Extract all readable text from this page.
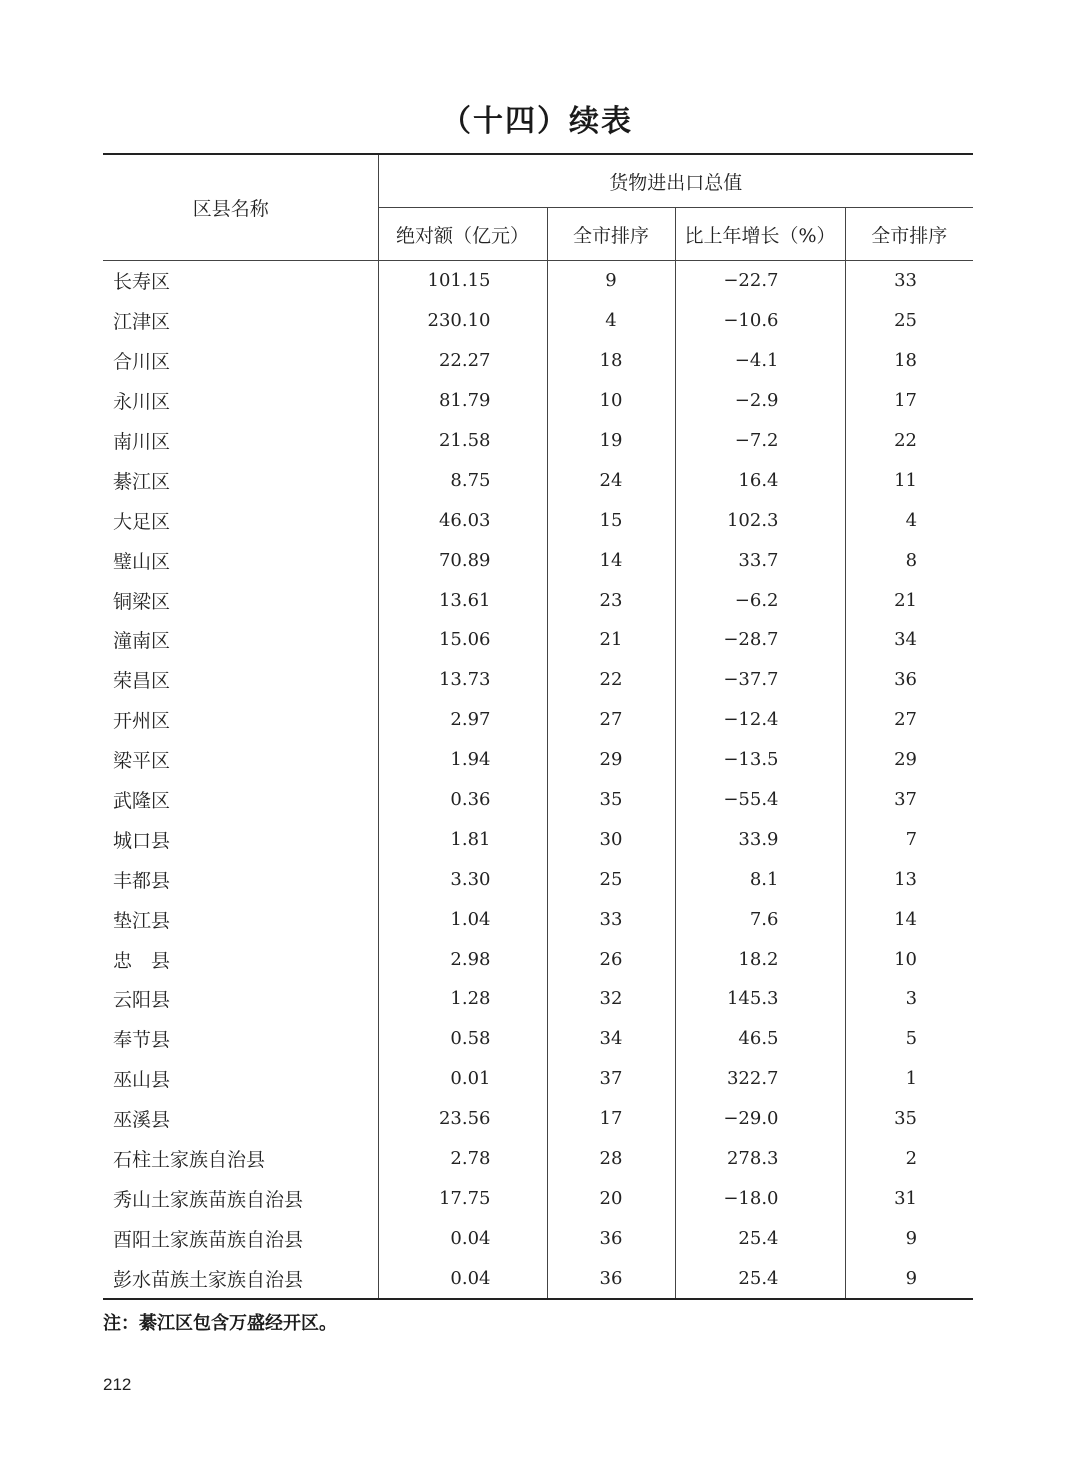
（十四）续表
区县名称	货物进出口总值			
	绝对额（亿元）	全市排序	比上年增长（%）	全市排序
长寿区	101.15	9	−22.7	33
江津区	230.10	4	−10.6	25
合川区	22.27	18	−4.1	18
永川区	81.79	10	−2.9	17
南川区	21.58	19	−7.2	22
綦江区	8.75	24	16.4	11
大足区	46.03	15	102.3	4
璧山区	70.89	14	33.7	8
铜梁区	13.61	23	−6.2	21
潼南区	15.06	21	−28.7	34
荣昌区	13.73	22	−37.7	36
开州区	2.97	27	−12.4	27
梁平区	1.94	29	−13.5	29
武隆区	0.36	35	−55.4	37
城口县	1.81	30	33.9	7
丰都县	3.30	25	8.1	13
垫江县	1.04	33	7.6	14
忠　县	2.98	26	18.2	10
云阳县	1.28	32	145.3	3
奉节县	0.58	34	46.5	5
巫山县	0.01	37	322.7	1
巫溪县	23.56	17	−29.0	35
石柱土家族自治县	2.78	28	278.3	2
秀山土家族苗族自治县	17.75	20	−18.0	31
酉阳土家族苗族自治县	0.04	36	25.4	9
彭水苗族土家族自治县	0.04	36	25.4	9
注：綦江区包含万盛经开区。
212
